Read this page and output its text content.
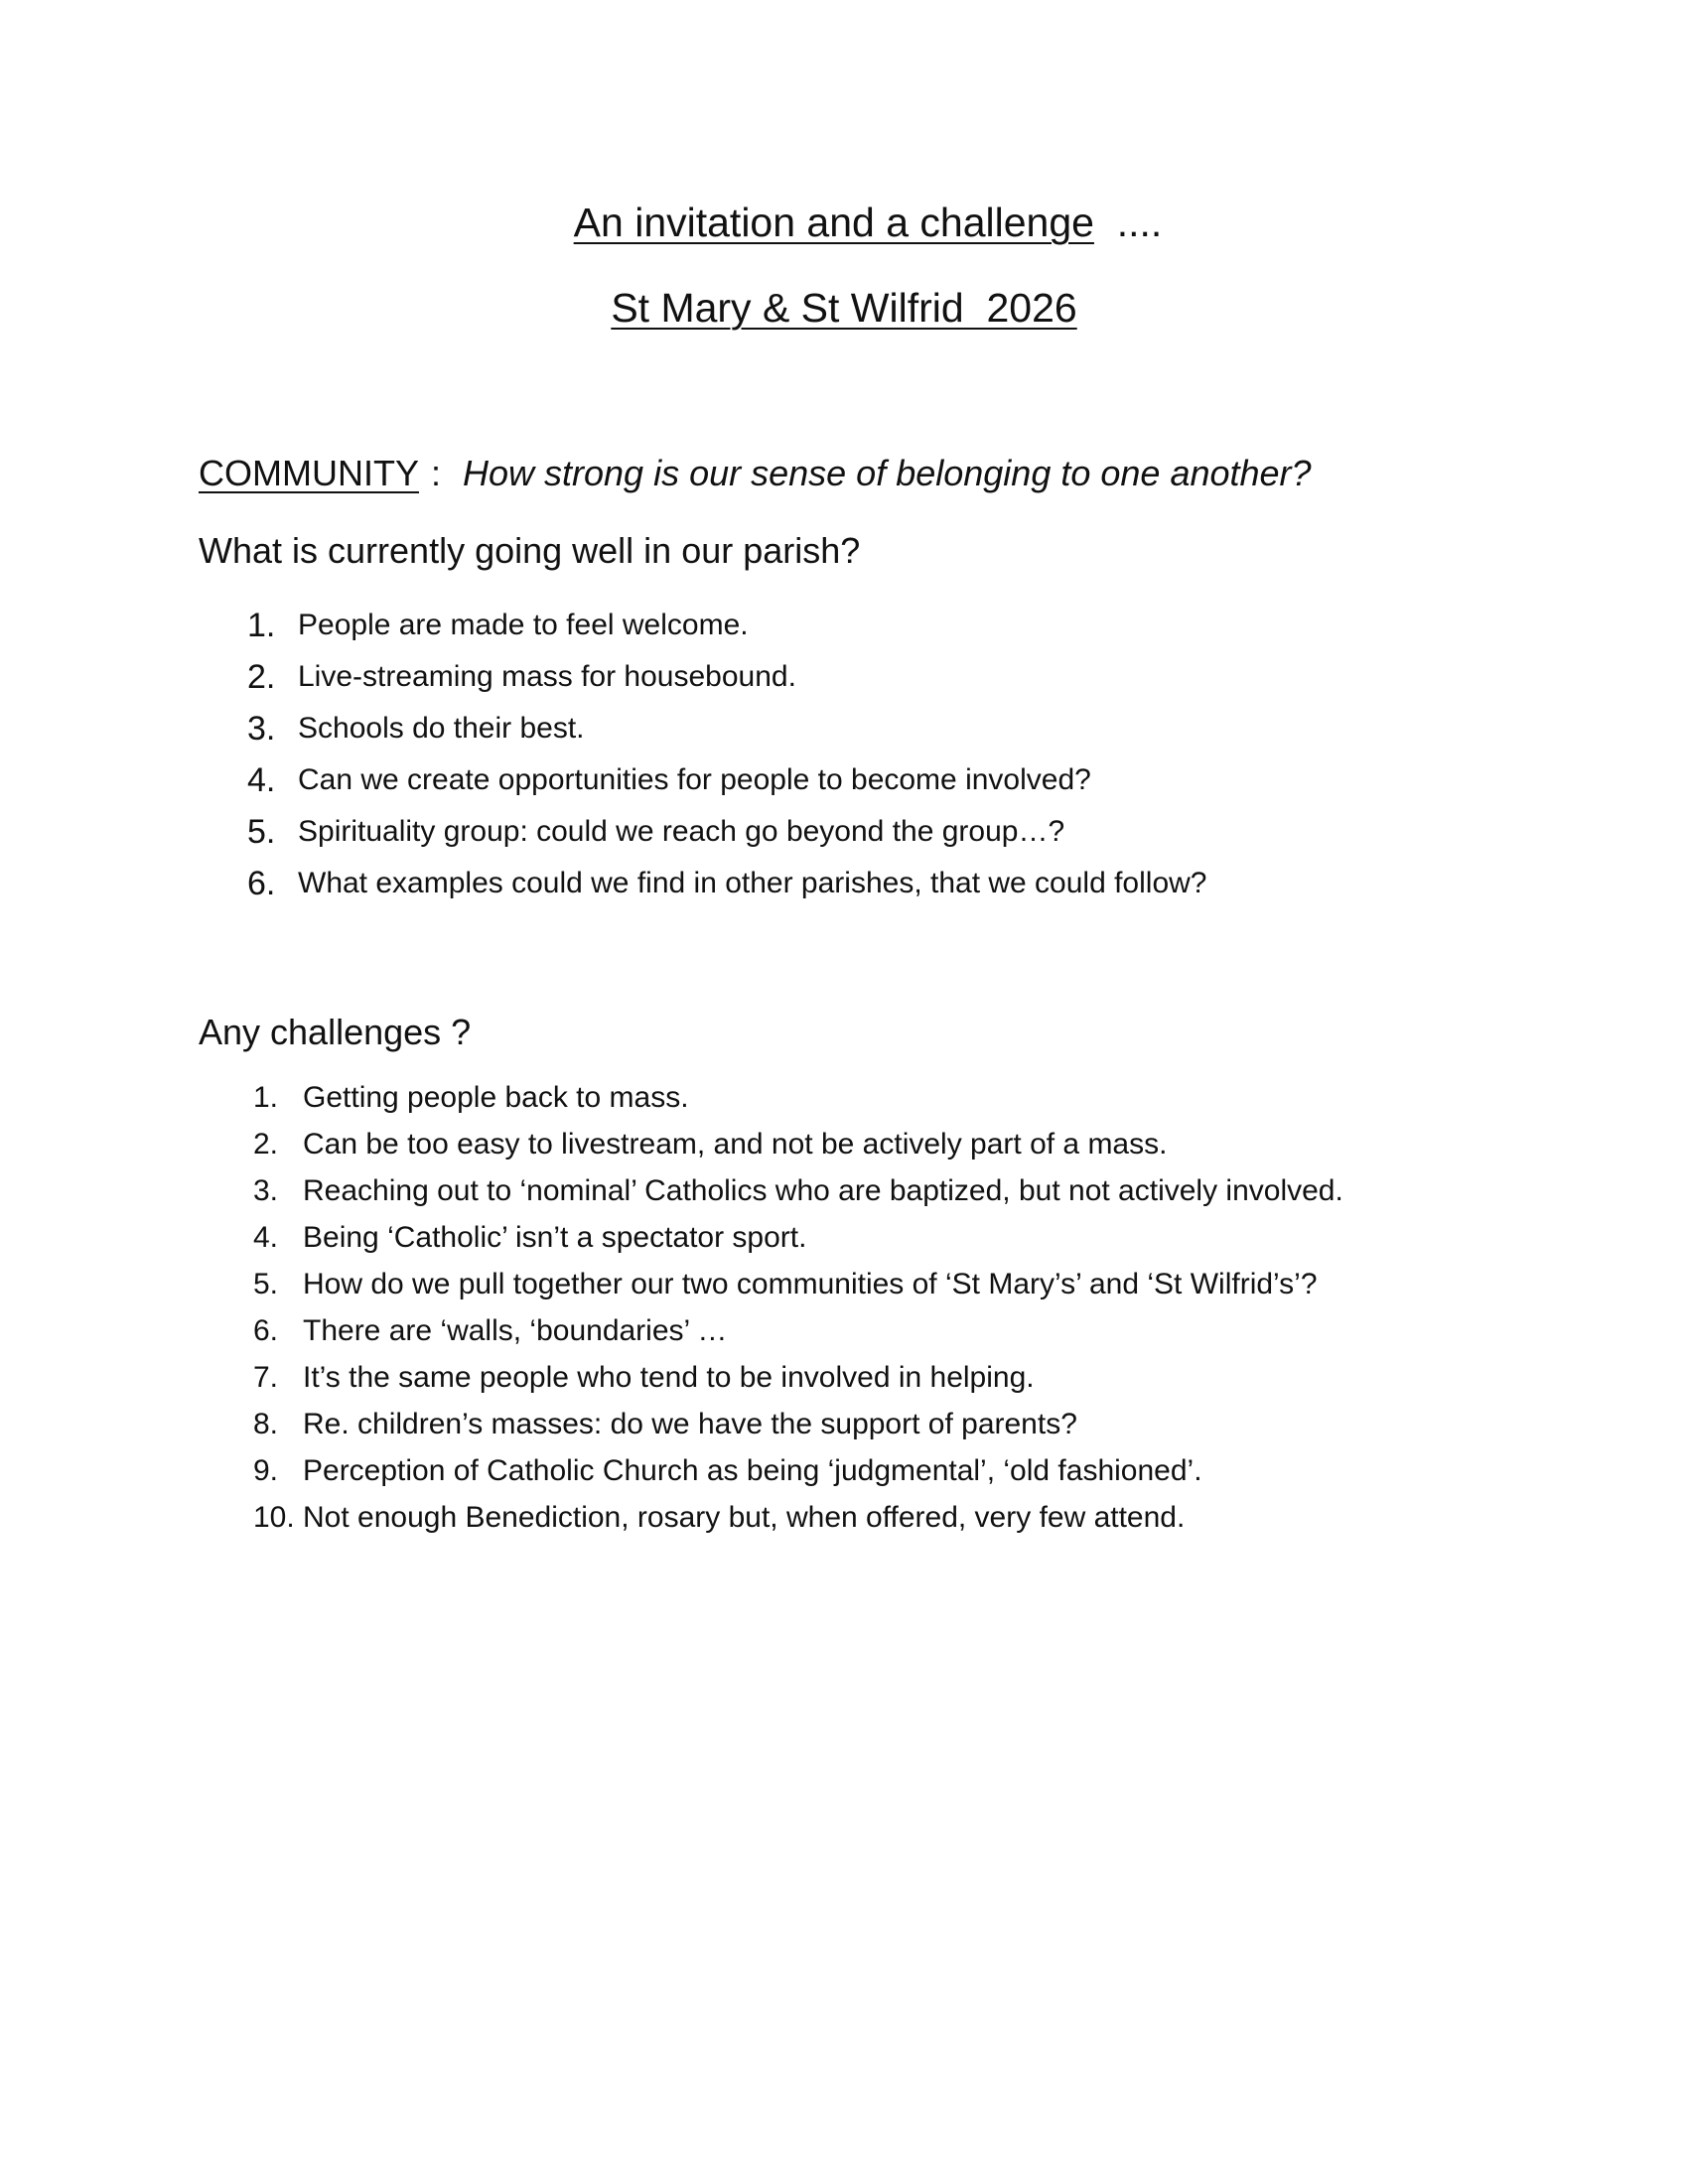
An invitation and a challenge ....
St Mary & St Wilfrid  2026
COMMUNITY : How strong is our sense of belonging to one another?
What is currently going well in our parish?
1. People are made to feel welcome.
2. Live-streaming mass for housebound.
3. Schools do their best.
4. Can we create opportunities for people to become involved?
5. Spirituality group: could we reach go beyond the group…?
6. What examples could we find in other parishes, that we could follow?
Any challenges ?
1. Getting people back to mass.
2. Can be too easy to livestream, and not be actively part of a mass.
3. Reaching out to ‘nominal’ Catholics who are baptized, but not actively involved.
4. Being ‘Catholic’ isn’t a spectator sport.
5. How do we pull together our two communities of ‘St Mary’s’ and ‘St Wilfrid’s’?
6. There are ‘walls, ‘boundaries’ …
7. It’s the same people who tend to be involved in helping.
8. Re. children’s masses: do we have the support of parents?
9. Perception of Catholic Church as being ‘judgmental’, ‘old fashioned’.
10. Not enough Benediction, rosary but, when offered, very few attend.
